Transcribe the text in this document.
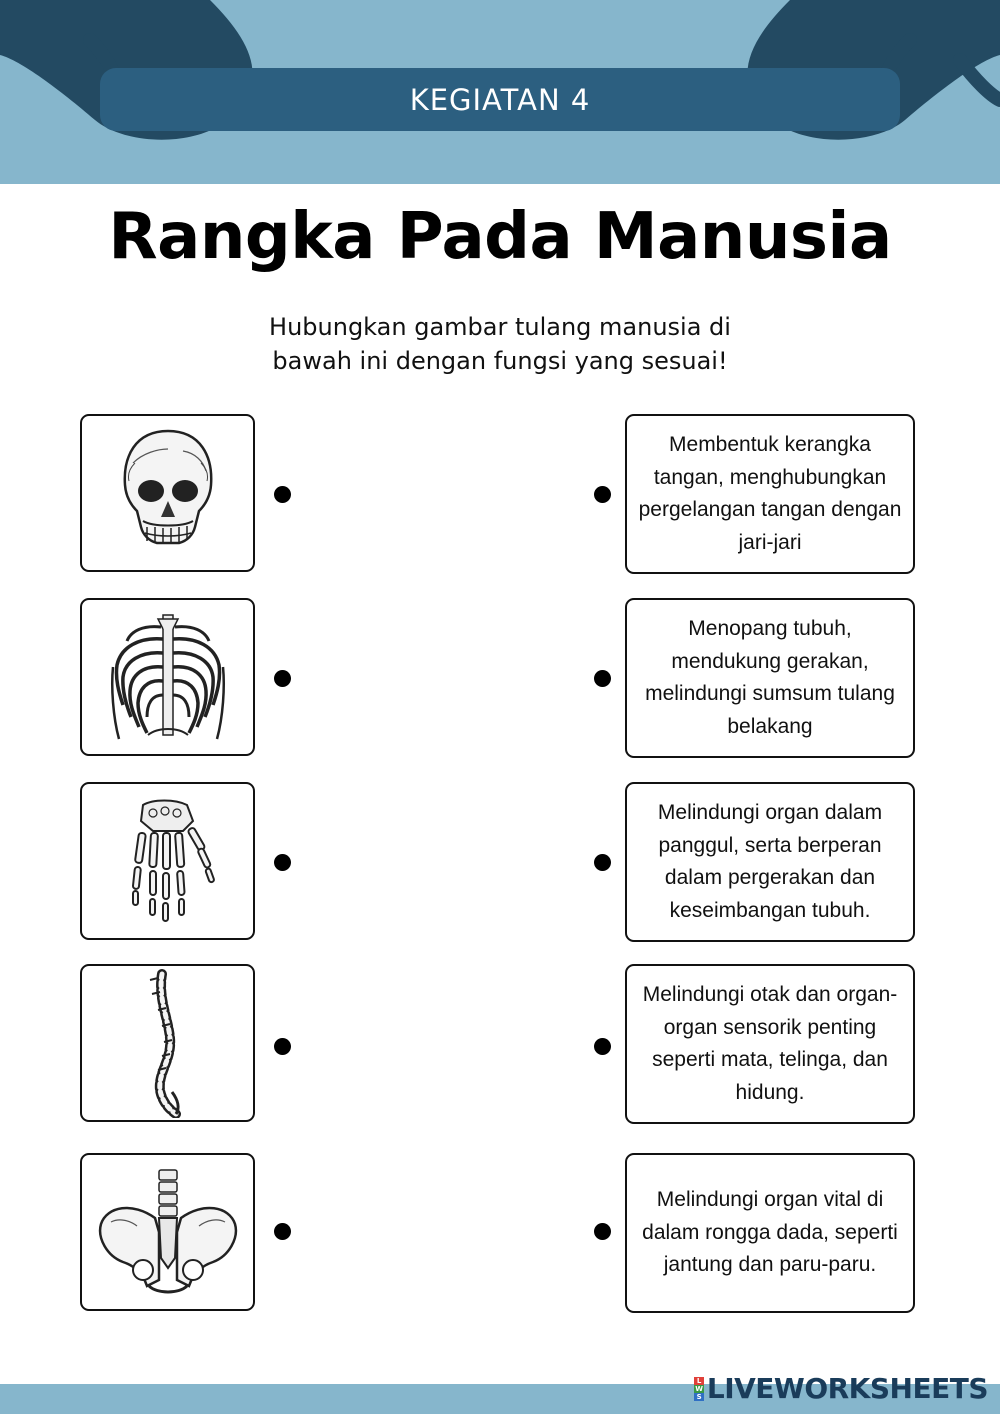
KEGIATAN 4
Rangka Pada Manusia
Hubungkan gambar tulang manusia di
bawah ini dengan fungsi yang sesuai!
Membentuk kerangka tangan, menghubungkan pergelangan tangan dengan jari-jari
Menopang tubuh, mendukung gerakan, melindungi sumsum tulang belakang
Melindungi organ dalam panggul, serta berperan dalam pergerakan dan keseimbangan tubuh.
Melindungi otak dan organ-organ sensorik penting seperti mata, telinga, dan hidung.
Melindungi organ vital di dalam rongga dada, seperti jantung dan paru-paru.
L
W
S LIVEWORKSHEETS
